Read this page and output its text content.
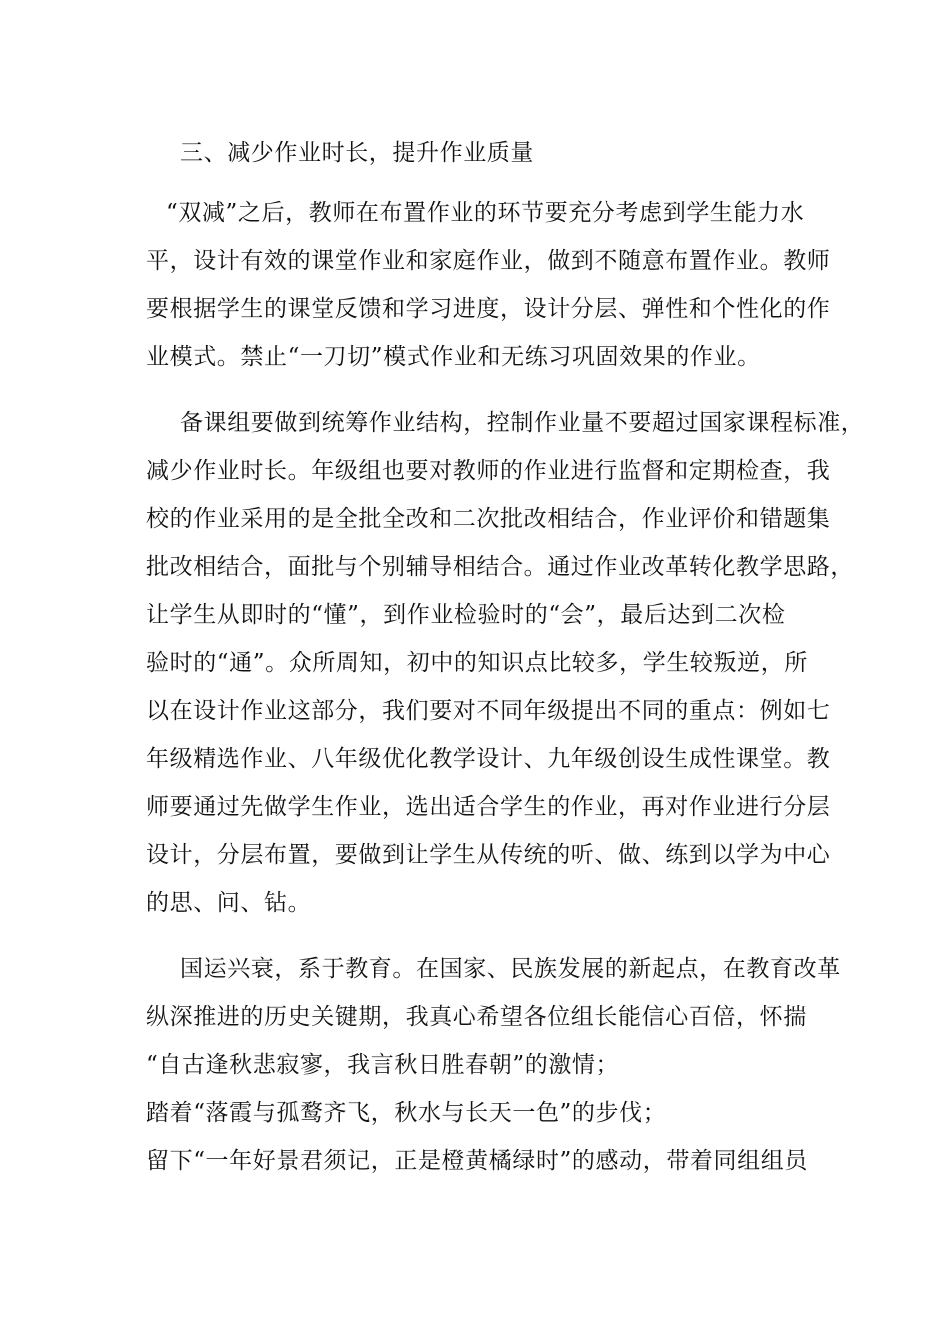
三、减少作业时长，提升作业质量
“双减”之后，教师在布置作业的环节要充分考虑到学生能力水
平，设计有效的课堂作业和家庭作业，做到不随意布置作业。教师
要根据学生的课堂反馈和学习进度，设计分层、弹性和个性化的作
业模式。禁止“一刀切”模式作业和无练习巩固效果的作业。
备课组要做到统筹作业结构，控制作业量不要超过国家课程标准，
减少作业时长。年级组也要对教师的作业进行监督和定期检查，我
校的作业采用的是全批全改和二次批改相结合，作业评价和错题集
批改相结合，面批与个别辅导相结合。通过作业改革转化教学思路，
让学生从即时的“懂”，到作业检验时的“会”，最后达到二次检
验时的“通”。众所周知，初中的知识点比较多，学生较叛逆，所
以在设计作业这部分，我们要对不同年级提出不同的重点：例如七
年级精选作业、八年级优化教学设计、九年级创设生成性课堂。教
师要通过先做学生作业，选出适合学生的作业，再对作业进行分层
设计，分层布置，要做到让学生从传统的听、做、练到以学为中心
的思、问、钻。
国运兴衰，系于教育。在国家、民族发展的新起点，在教育改革
纵深推进的历史关键期，我真心希望各位组长能信心百倍，怀揣
“自古逢秋悲寂寥，我言秋日胜春朝”的激情；
踏着“落霞与孤鹜齐飞，秋水与长天一色”的步伐；
留下“一年好景君须记，正是橙黄橘绿时”的感动，带着同组组员
